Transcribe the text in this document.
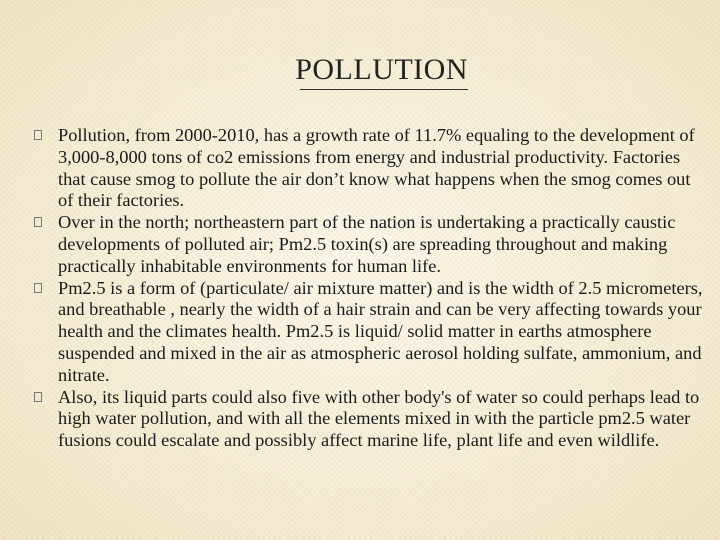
POLLUTION
Pollution, from 2000-2010, has a growth rate of 11.7% equaling to the development of 3,000-8,000 tons of co2 emissions from energy and industrial productivity. Factories that cause smog to pollute the air don’t know what happens when the smog comes out of their factories.
Over in the north; northeastern part of the nation is undertaking a practically caustic developments of polluted air; Pm2.5 toxin(s) are spreading throughout and making practically inhabitable environments for human life.
Pm2.5 is a form of (particulate/ air mixture matter) and is the width of 2.5 micrometers, and breathable , nearly the width of a hair strain and can be very affecting towards your health and the climates health. Pm2.5 is liquid/ solid matter in earths atmosphere suspended and mixed in the air as atmospheric aerosol holding sulfate, ammonium, and nitrate.
Also, its liquid parts could also five with other body's of water so could perhaps lead to high water pollution, and with all the elements mixed in with the particle pm2.5 water fusions could escalate and possibly affect marine life, plant life and even wildlife.
